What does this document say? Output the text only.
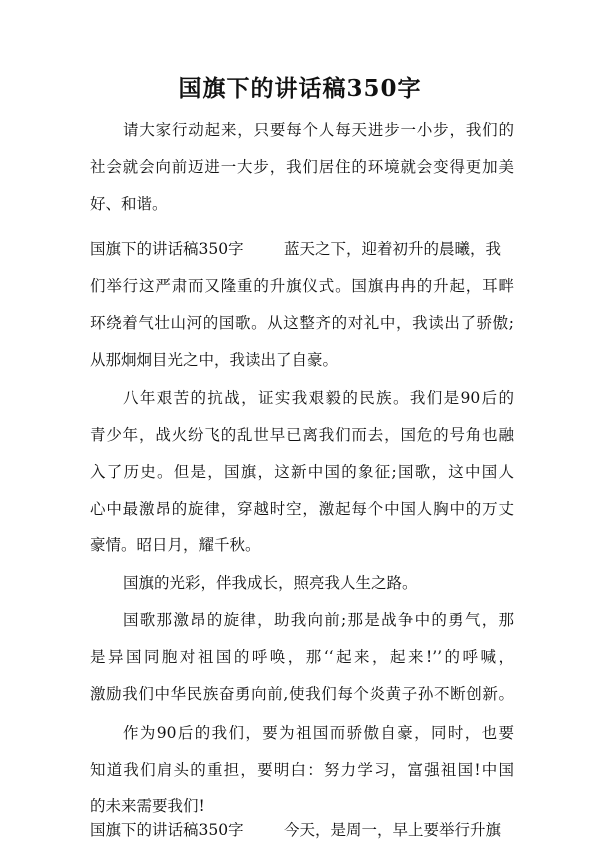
国旗下的讲话稿350字
请大家行动起来，只要每个人每天进步一小步，我们的
社会就会向前迈进一大步，我们居住的环境就会变得更加美
好、和谐。
国旗下的讲话稿350字	蓝天之下，迎着初升的晨曦，我
们举行这严肃而又隆重的升旗仪式。国旗冉冉的升起，耳畔
环绕着气壮山河的国歌。从这整齐的对礼中，我读出了骄傲;
从那炯炯目光之中，我读出了自豪。
八年艰苦的抗战，证实我艰毅的民族。我们是90后的
青少年，战火纷飞的乱世早已离我们而去，国危的号角也融
入了历史。但是，国旗，这新中国的象征;国歌，这中国人
心中最激昂的旋律，穿越时空，激起每个中国人胸中的万丈
豪情。昭日月，耀千秋。
国旗的光彩，伴我成长，照亮我人生之路。
国歌那激昂的旋律，助我向前;那是战争中的勇气，那
是异国同胞对祖国的呼唤，那‘‘起来，起来!’’的呼喊，
激励我们中华民族奋勇向前,使我们每个炎黄子孙不断创新。
作为90后的我们，要为祖国而骄傲自豪，同时，也要
知道我们肩头的重担，要明白：努力学习，富强祖国!中国
的未来需要我们!
国旗下的讲话稿350字	今天，是周一，早上要举行升旗
